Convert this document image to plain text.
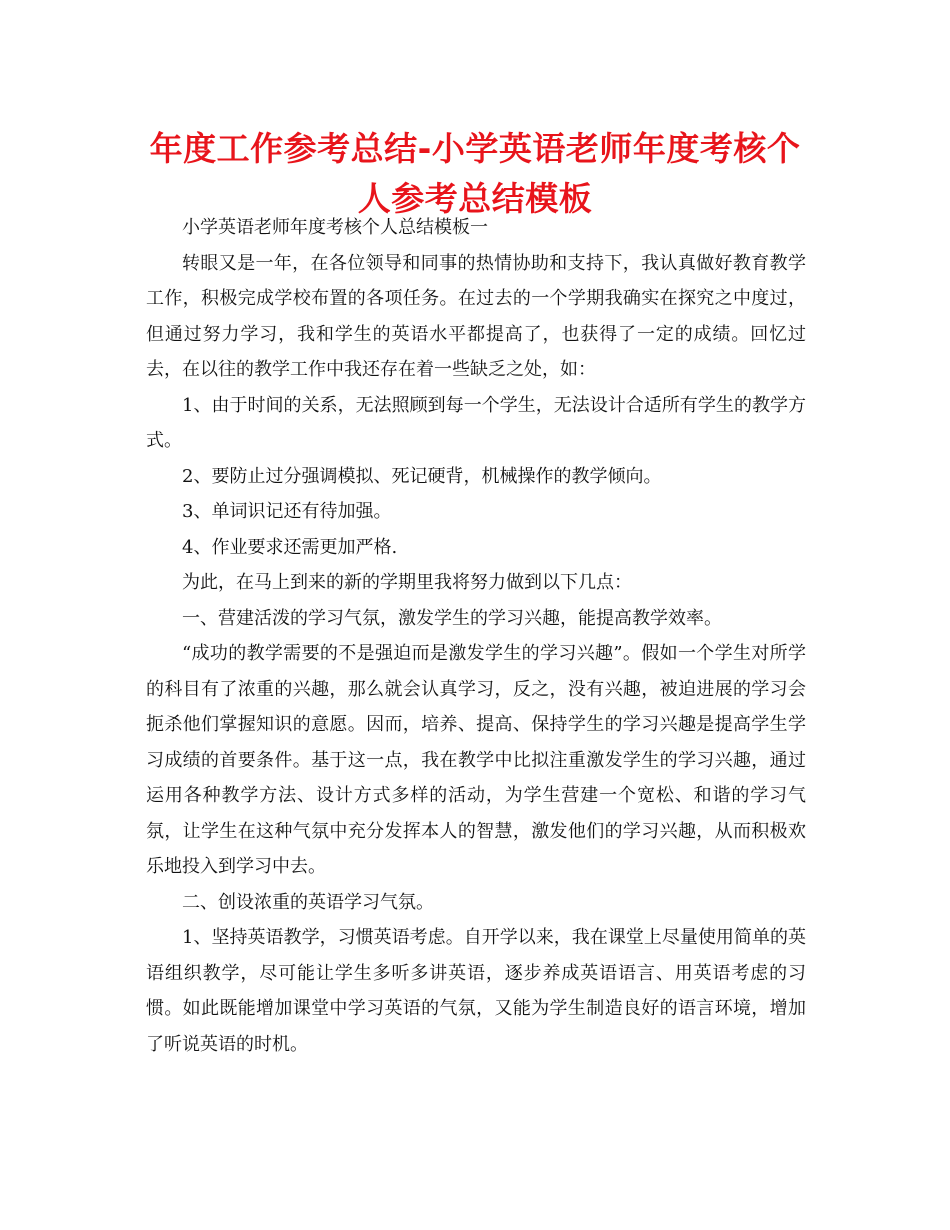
年度工作参考总结-小学英语老师年度考核个人参考总结模板

小学英语老师年度考核个人总结模板一

转眼又是一年，在各位领导和同事的热情协助和支持下，我认真做好教育教学工作，积极完成学校布置的各项任务。在过去的一个学期我确实在探究之中度过，但通过努力学习，我和学生的英语水平都提高了，也获得了一定的成绩。回忆过去，在以往的教学工作中我还存在着一些缺乏之处，如：

1、由于时间的关系，无法照顾到每一个学生，无法设计合适所有学生的教学方式。

2、要防止过分强调模拟、死记硬背，机械操作的教学倾向。

3、单词识记还有待加强。

4、作业要求还需更加严格.

为此，在马上到来的新的学期里我将努力做到以下几点：

一、营建活泼的学习气氛，激发学生的学习兴趣，能提高教学效率。

“成功的教学需要的不是强迫而是激发学生的学习兴趣”。假如一个学生对所学的科目有了浓重的兴趣，那么就会认真学习，反之，没有兴趣，被迫进展的学习会扼杀他们掌握知识的意愿。因而，培养、提高、保持学生的学习兴趣是提高学生学习成绩的首要条件。基于这一点，我在教学中比拟注重激发学生的学习兴趣，通过运用各种教学方法、设计方式多样的活动，为学生营建一个宽松、和谐的学习气氛，让学生在这种气氛中充分发挥本人的智慧，激发他们的学习兴趣，从而积极欢乐地投入到学习中去。

二、创设浓重的英语学习气氛。

1、坚持英语教学，习惯英语考虑。自开学以来，我在课堂上尽量使用简单的英语组织教学，尽可能让学生多听多讲英语，逐步养成英语语言、用英语考虑的习惯。如此既能增加课堂中学习英语的气氛，又能为学生制造良好的语言环境，增加了听说英语的时机。
